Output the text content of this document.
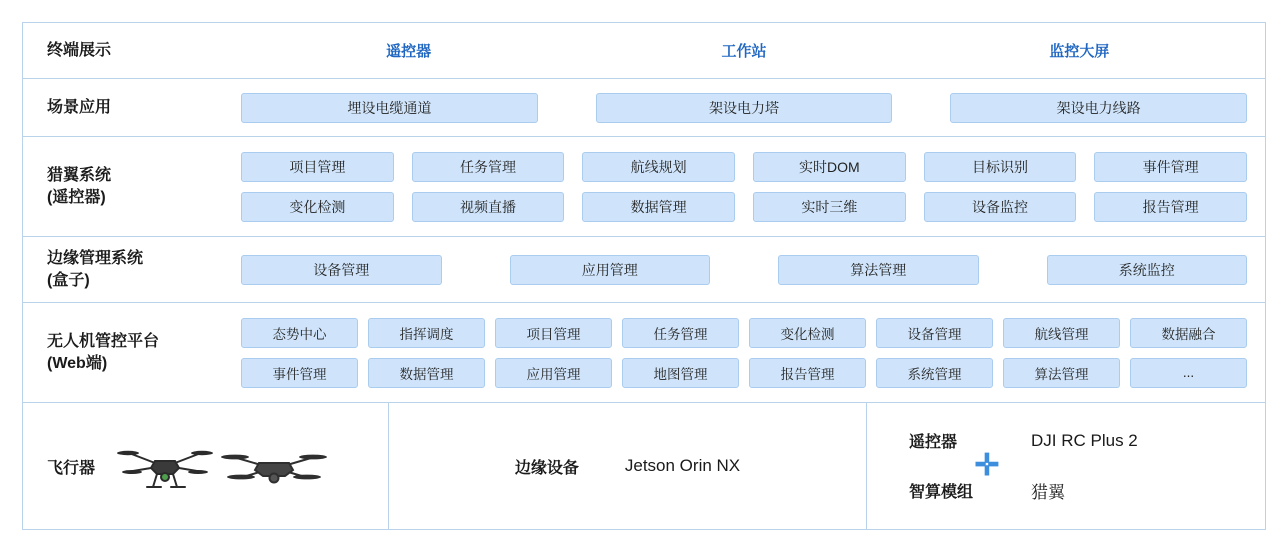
终端展示	遥控器	工作站	监控大屏
场景应用	埋设电缆通道	架设电力塔	架设电力线路
猎翼系统
(遥控器)
项目管理	任务管理	航线规划	实时DOM	目标识别	事件管理
变化检测	视频直播	数据管理	实时三维	设备监控	报告管理
边缘管理系统
(盒子)
设备管理	应用管理	算法管理	系统监控
无人机管控平台
(Web端)
态势中心	指挥调度	项目管理	任务管理	变化检测	设备管理	航线管理	数据融合
事件管理	数据管理	应用管理	地图管理	报告管理	系统管理	算法管理	...
飞行器	边缘设备	Jetson Orin NX
遥控器	DJI RC Plus 2
智算模组	猎翼
✛
